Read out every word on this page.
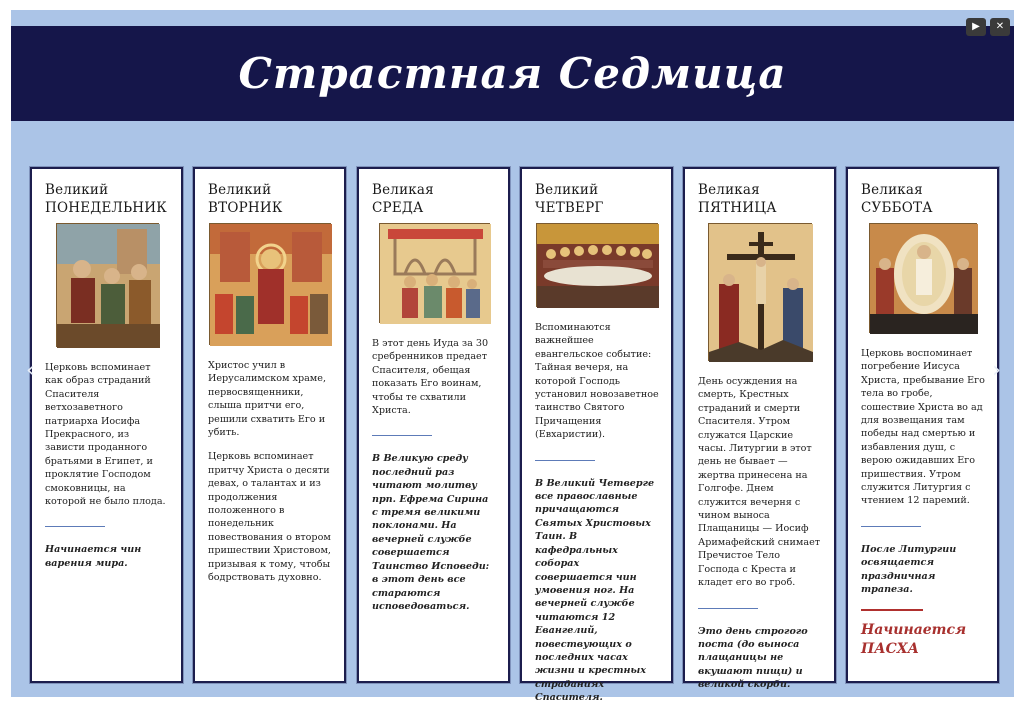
▶	✕
Страстная Седмица
Великий
ПОНЕДЕЛЬНИК

Церковь вспоминает как образ страданий Спасителя ветхозаветного патриарха Иосифа Прекрасного, из зависти проданного братьями в Египет, и проклятие Господом смоковницы, на которой не было плода.

Начинается чин варения мира.
Великий
ВТОРНИК

Христос учил в Иерусалимском храме, первосвященники, слыша притчи его, решили схватить Его и убить.

Церковь вспоминает притчу Христа о десяти девах, о талантах и из продолжения положенного в понедельник повествования о втором пришествии Христовом, призывая к тому, чтобы бодрствовать духовно.

Великая
СРЕДА

В этот день Иуда за 30 сребренников предает Спасителя, обещая показать Его воинам, чтобы те схватили Христа.

В Великую среду последний раз читают молитву прп. Ефрема Сирина с тремя великими поклонами. На вечерней службе совершается Таинство Исповеди: в этот день все стараются исповедоваться.
Великий
ЧЕТВЕРГ

Вспоминаются важнейшее евангельское событие: Тайная вечеря, на которой Господь установил новозаветное таинство Святого Причащения (Евхаристии).

В Великий Четверге все православные причащаются Святых Христовых Таин. В кафедральных соборах совершается чин умовения ног. На вечерней службе читаются 12 Евангелий, повествующих о последних часах жизни и крестных страданиях Спасителя.
Великая
ПЯТНИЦА

День осуждения на смерть, Крестных страданий и смерти Спасителя. Утром служатся Царские часы. Литургии в этот день не бывает — жертва принесена на Голгофе. Днем служится вечерня с чином выноса Плащаницы — Иосиф Аримафейский снимает Пречистое Тело Господа с Креста и кладет его во гроб.

Это день строгого поста (до выноса плащаницы не вкушают пищи) и великой скорби.
Великая
СУББОТА

Церковь воспоминает погребение Иисуса Христа, пребывание Его тела во гробе, сошествие Христа во ад для возвещания там победы над смертью и избавления душ, с верою ожидавших Его пришествия. Утром служится Литургия с чтением 12 паремий.

После Литургии освящается праздничная трапеза.
Начинается ПАСХА
‹	›
